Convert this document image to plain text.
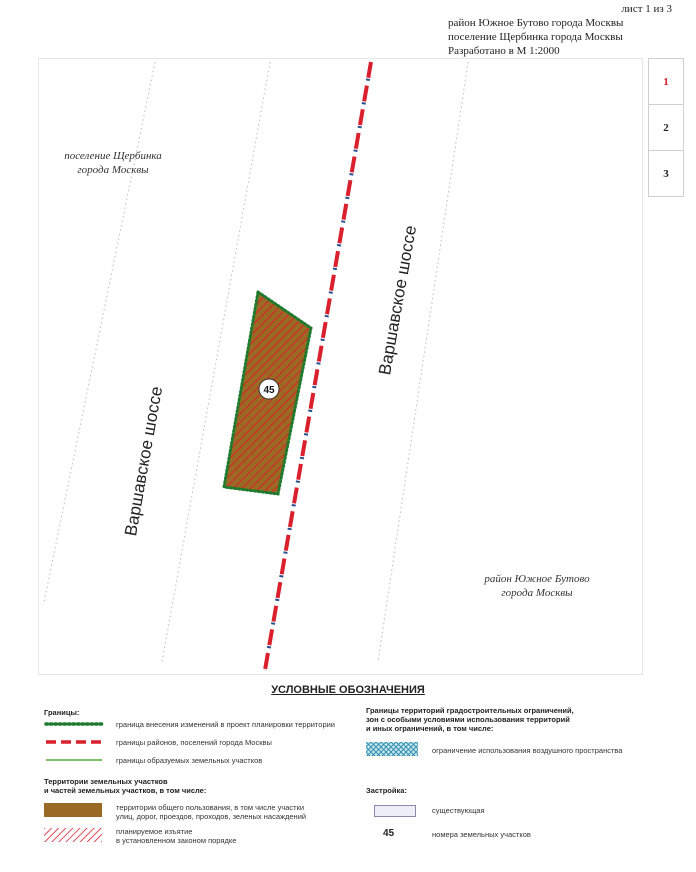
лист 1 из 3
район Южное Бутово города Москвы
поселение Щербинка города Москвы
Разработано в М 1:2000
45
поселение Щербинка
города Москвы
район Южное Бутово
города Москвы
Варшавское шоссе
Варшавское шоссе
1
2
3
УСЛОВНЫЕ ОБОЗНАЧЕНИЯ
Границы:
граница внесения изменений в проект планировки территории
границы районов, поселений города Москвы
границы образуемых земельных участков
Территории земельных участков
и частей земельных участков, в том числе:
территории общего пользования, в том числе участки
улиц, дорог, проездов, проходов, зеленых насаждений
планируемое изъятие
в установленном законом порядке
Границы территорий градостроительных ограничений,
зон с особыми условиями использования территорий
и иных ограничений, в том числе:
ограничение использования воздушного пространства
Застройка:
существующая
45	номера земельных участков
